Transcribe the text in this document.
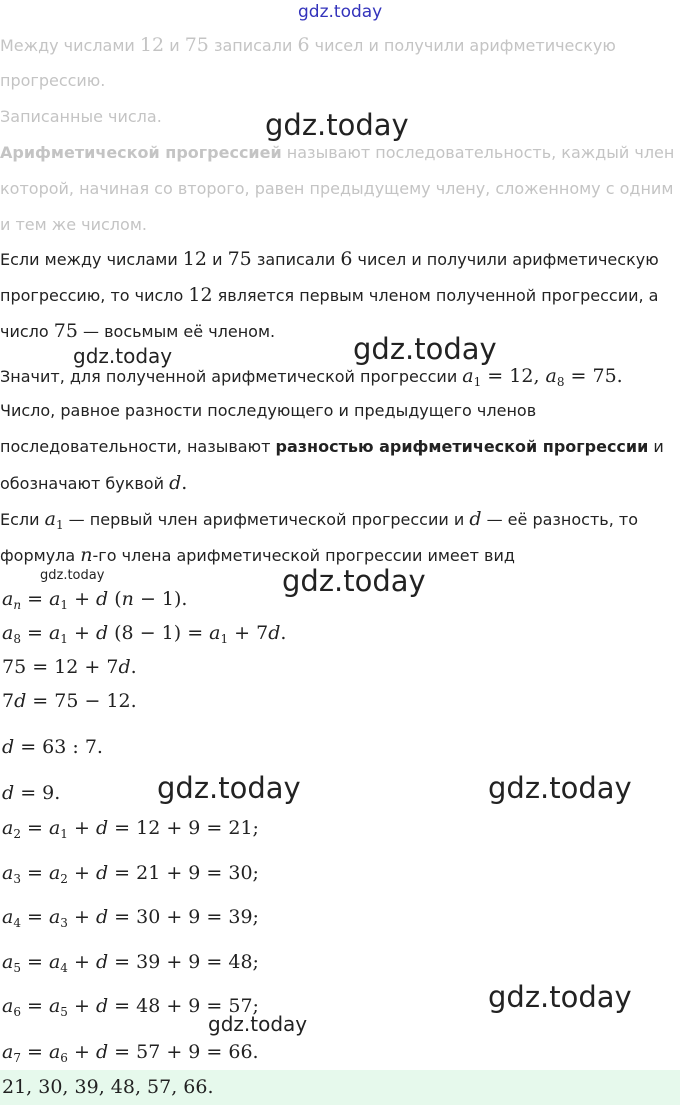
Между числами 12 и 75 записали 6 чисел и получили арифметическую
прогрессию.
Записанные числа.
Арифметической прогрессией называют последовательность, каждый член
которой, начиная со второго, равен предыдущему члену, сложенному с одним
и тем же числом.
Если между числами 12 и 75 записали 6 чисел и получили арифметическую
прогрессию, то число 12 является первым членом полученной прогрессии, а
число 75 — восьмым её членом.
Значит, для полученной арифметической прогрессии $a_1 = 12$, $a_8 = 75$.
Число, равное разности последующего и предыдущего членов
последовательности, называют разностью арифметической прогрессии и
обозначают буквой d.
Если $a_1$ — первый член арифметической прогрессии и d — её разность, то
формула n-го члена арифметической прогрессии имеет вид
$a_n = a_1 + d$ (n − 1).
$a_8 = a_1 + d$ $(8 - 1) = a_1 + 7d$.
75 = 12 + 7d.
7d = 75 − 12.
d = 63 : 7.
d = 9.
$a_2 = a_1 + d = 12 + 9 = 21$;
$a_3 = a_2 + d = 21 + 9 = 30$;
$a_4 = a_3 + d = 30 + 9 = 39$;
$a_5 = a_4 + d = 39 + 9 = 48$;
$a_6 = a_5 + d = 48 + 9 = 57$;
$a_7 = a_6 + d = 57 + 9 = 66$.
21, 30, 39, 48, 57, 66.
gdz.today
gdz.today
gdz.today	gdz.today
gdz.today	gdz.today
gdz.today	gdz.today
gdz.today
gdz.today
